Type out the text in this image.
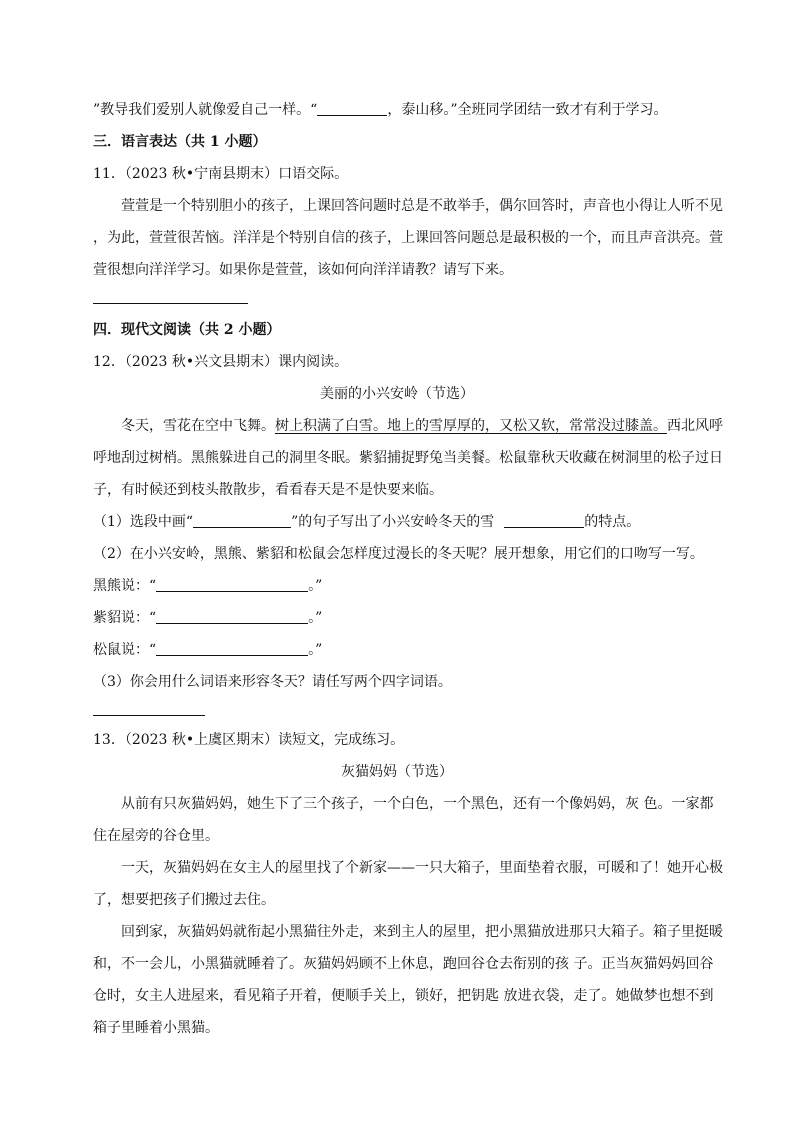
”教导我们爱别人就像爱自己一样。“	，泰山移。”全班同学团结一致才有利于学习。
三．语言表达（共 1 小题）
11．（2023 秋•宁南县期末）口语交际。
萱萱是一个特别胆小的孩子，上课回答问题时总是不敢举手，偶尔回答时，声音也小得让人听不见
，为此，萱萱很苦恼。洋洋是个特别自信的孩子，上课回答问题总是最积极的一个，而且声音洪亮。萱
萱很想向洋洋学习。如果你是萱萱，该如何向洋洋请教？请写下来。
四．现代文阅读（共 2 小题）
12．（2023 秋•兴文县期末）课内阅读。
美丽的小兴安岭（节选）
冬天，雪花在空中飞舞。树上积满了白雪。地上的雪厚厚的，又松又软，常常没过膝盖。西北风呼
呼地刮过树梢。黑熊躲进自己的洞里冬眠。紫貂捕捉野兔当美餐。松鼠靠秋天收藏在树洞里的松子过日
子，有时候还到枝头散散步，看看春天是不是快要来临。
（1）选段中画“	”的句子写出了小兴安岭冬天的雪	的特点。
（2）在小兴安岭，黑熊、紫貂和松鼠会怎样度过漫长的冬天呢？展开想象，用它们的口吻写一写。
黑熊说：“	。”
紫貂说：“	。”
松鼠说：“	。”
（3）你会用什么词语来形容冬天？请任写两个四字词语。
13．（2023 秋•上虞区期末）读短文，完成练习。
灰猫妈妈（节选）
从前有只灰猫妈妈，她生下了三个孩子，一个白色，一个黑色，还有一个像妈妈，灰 色。一家都
住在屋旁的谷仓里。
一天，灰猫妈妈在女主人的屋里找了个新家——一只大箱子，里面垫着衣服，可暖和了！她开心极
了，想要把孩子们搬过去住。
回到家，灰猫妈妈就衔起小黑猫往外走，来到主人的屋里，把小黑猫放进那只大箱子。箱子里挺暖
和，不一会儿，小黑猫就睡着了。灰猫妈妈顾不上休息，跑回谷仓去衔别的孩 子。正当灰猫妈妈回谷
仓时，女主人进屋来，看见箱子开着，便顺手关上，锁好，把钥匙 放进衣袋，走了。她做梦也想不到
箱子里睡着小黑猫。
